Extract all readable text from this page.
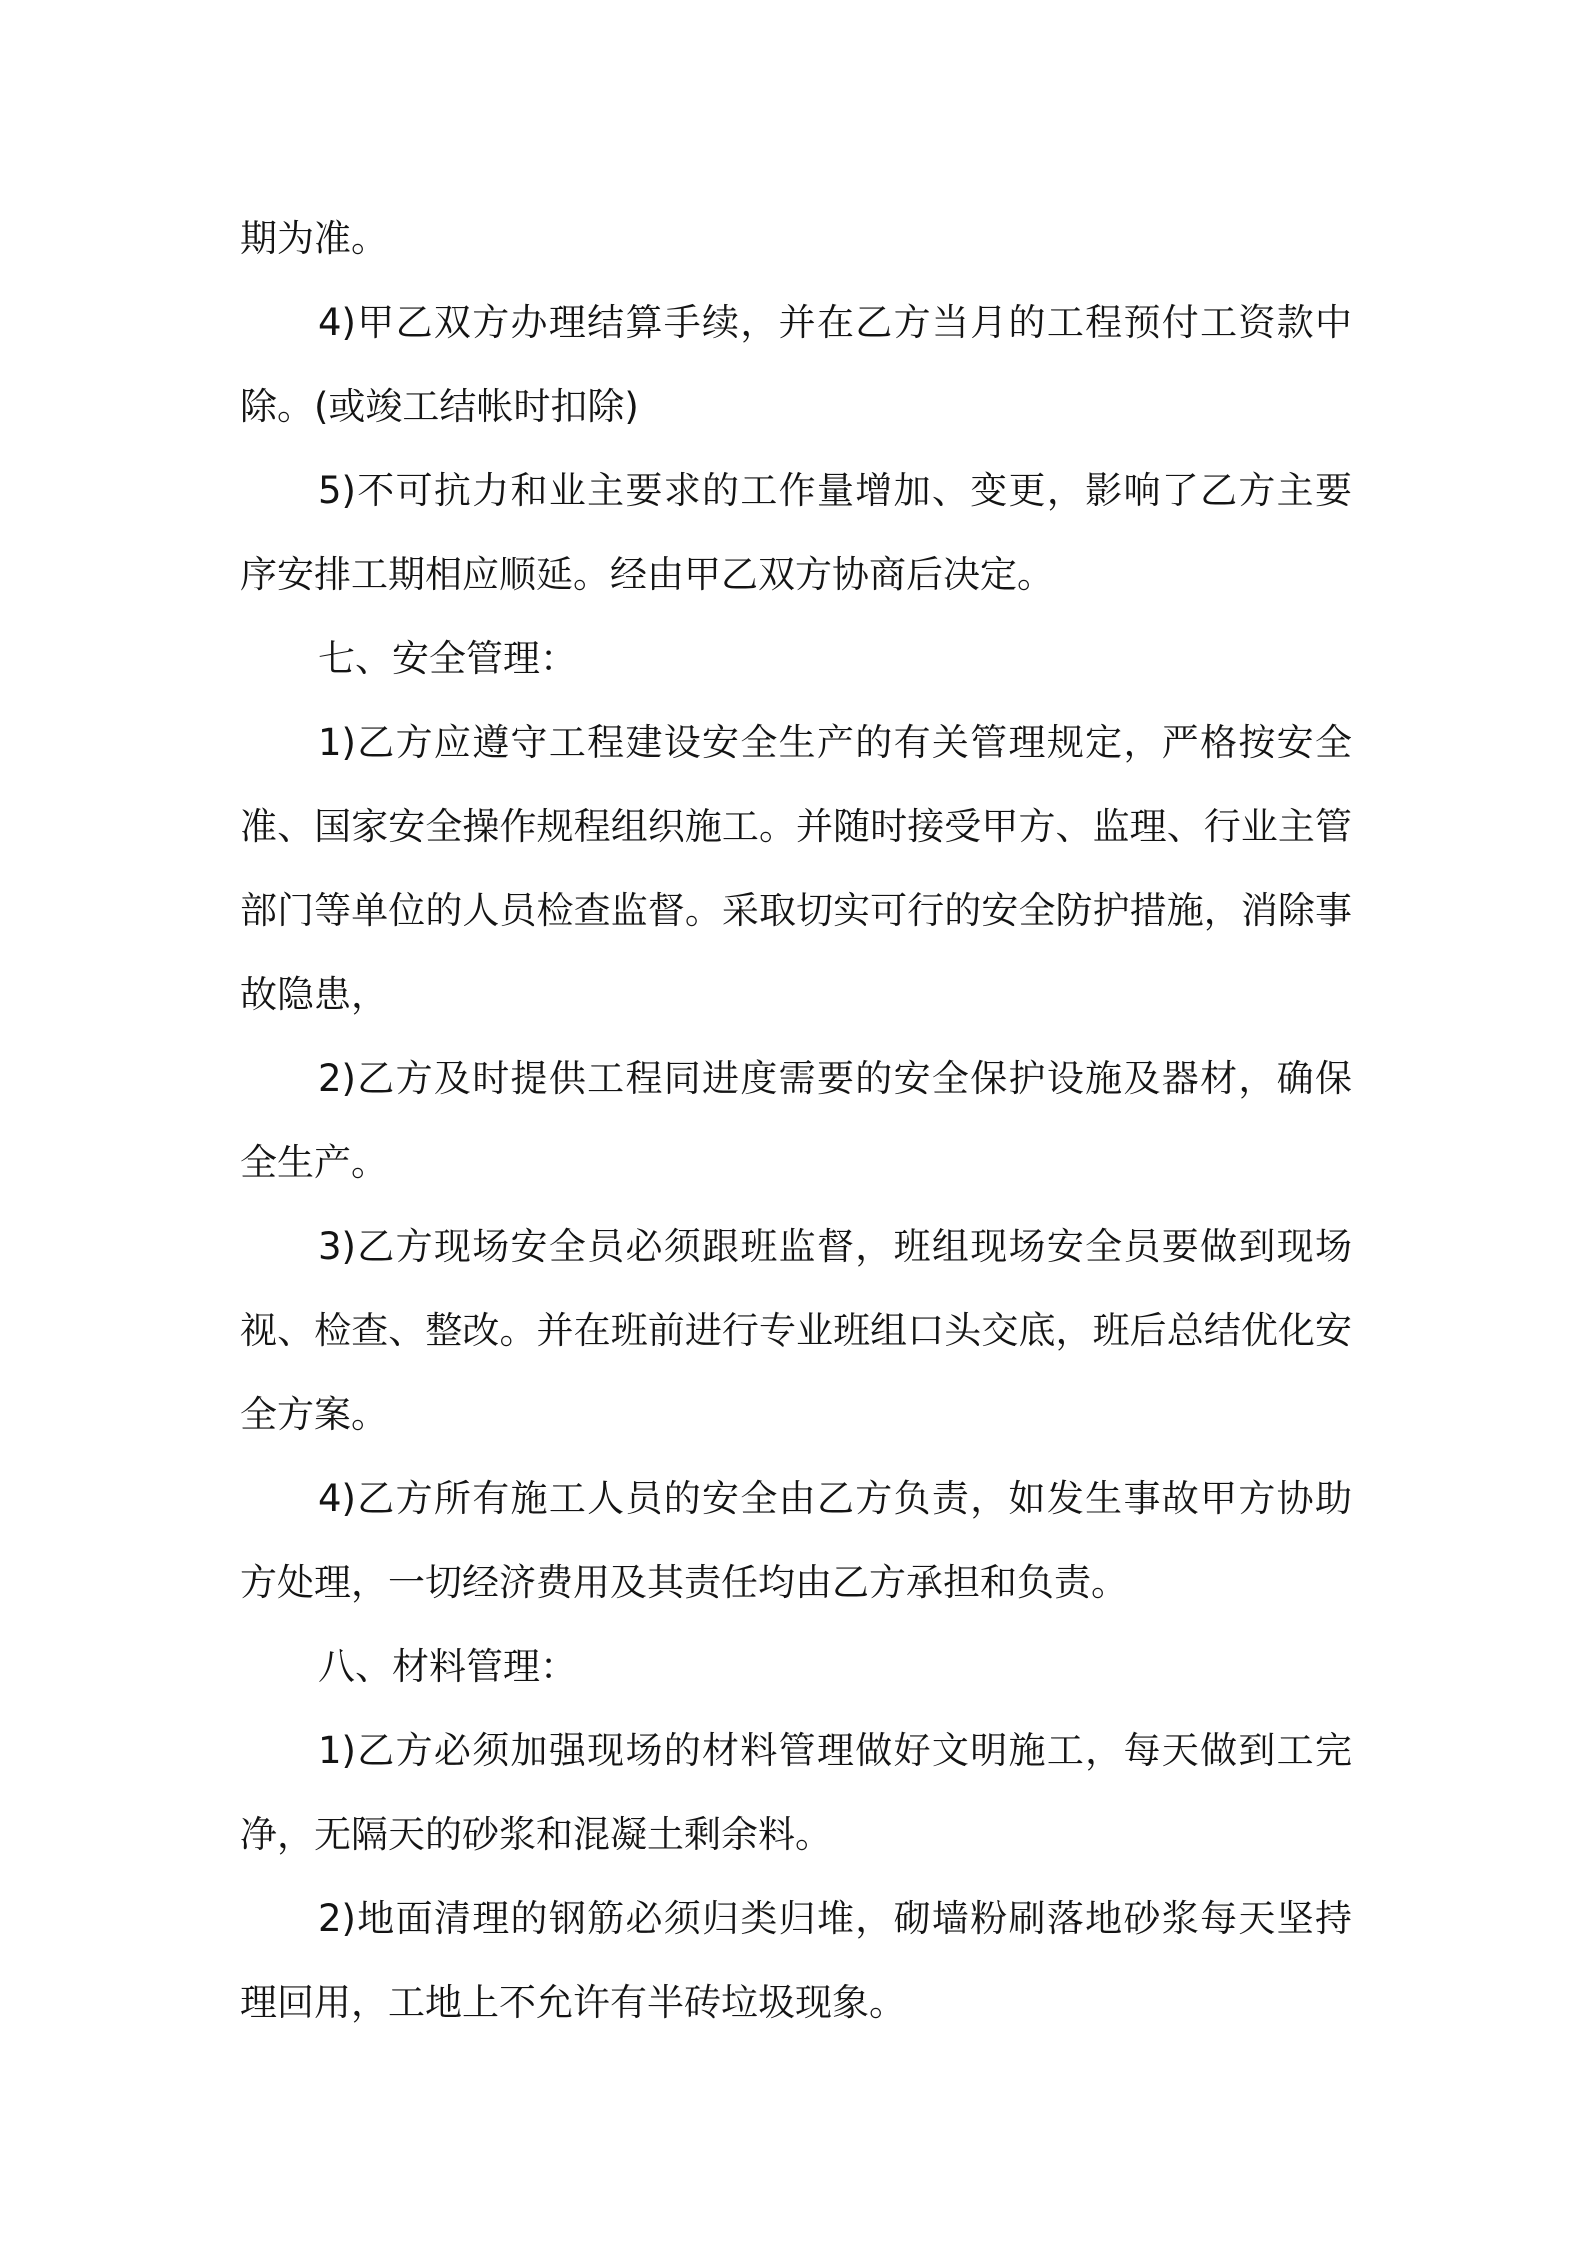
期为准。
4)甲乙双方办理结算手续，并在乙方当月的工程预付工资款中
除。(或竣工结帐时扣除)
5)不可抗力和业主要求的工作量增加、变更，影响了乙方主要
序安排工期相应顺延。经由甲乙双方协商后决定。
七、安全管理：
1)乙方应遵守工程建设安全生产的有关管理规定，严格按安全
准、国家安全操作规程组织施工。并随时接受甲方、监理、行业主管
部门等单位的人员检查监督。采取切实可行的安全防护措施，消除事
故隐患，
2)乙方及时提供工程同进度需要的安全保护设施及器材，确保
全生产。
3)乙方现场安全员必须跟班监督，班组现场安全员要做到现场
视、检查、整改。并在班前进行专业班组口头交底，班后总结优化安
全方案。
4)乙方所有施工人员的安全由乙方负责，如发生事故甲方协助
方处理，一切经济费用及其责任均由乙方承担和负责。
八、材料管理：
1)乙方必须加强现场的材料管理做好文明施工，每天做到工完
净，无隔天的砂浆和混凝土剩余料。
2)地面清理的钢筋必须归类归堆，砌墙粉刷落地砂浆每天坚持
理回用，工地上不允许有半砖垃圾现象。
